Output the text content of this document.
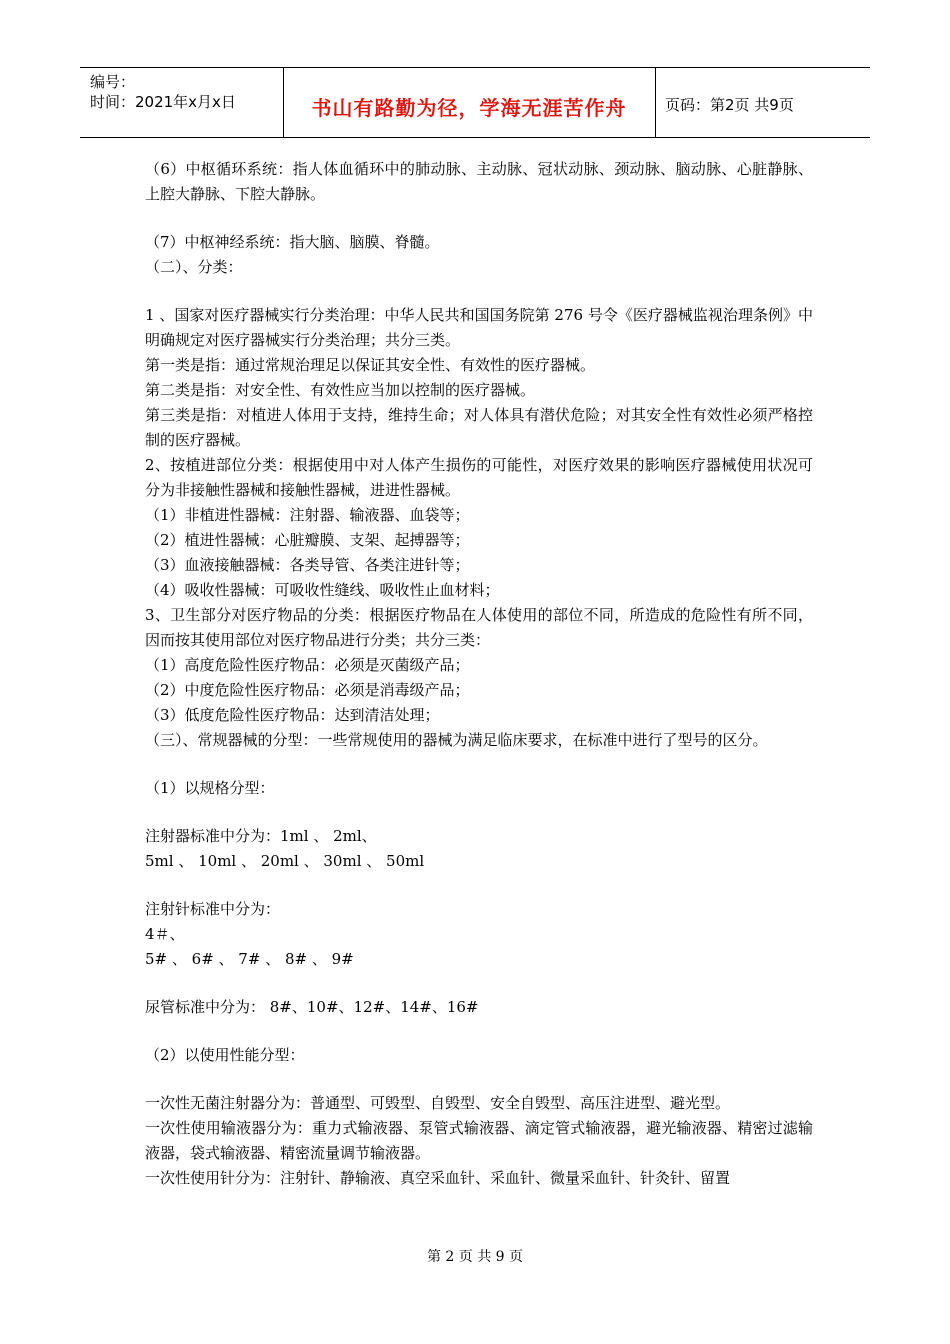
编号：
时间：2021年x月x日	书山有路勤为径，学海无涯苦作舟	页码：第2页 共9页

（6）中枢循环系统：指人体血循环中的肺动脉、主动脉、冠状动脉、颈动脉、脑动脉、心脏静脉、上腔大静脉、下腔大静脉。

（7）中枢神经系统：指大脑、脑膜、脊髓。

（二）、分类：

1 、国家对医疗器械实行分类治理：中华人民共和国国务院第 276 号令《医疗器械监视治理条例》中明确规定对医疗器械实行分类治理；共分三类。

第一类是指：通过常规治理足以保证其安全性、有效性的医疗器械。

第二类是指：对安全性、有效性应当加以控制的医疗器械。

第三类是指：对植进人体用于支持，维持生命；对人体具有潜伏危险；对其安全性有效性必须严格控制的医疗器械。

2、按植进部位分类：根据使用中对人体产生损伤的可能性，对医疗效果的影响医疗器械使用状况可分为非接触性器械和接触性器械，进进性器械。

（1）非植进性器械：注射器、输液器、血袋等；

（2）植进性器械：心脏瓣膜、支架、起搏器等；

（3）血液接触器械：各类导管、各类注进针等；

（4）吸收性器械：可吸收性缝线、吸收性止血材料；

3、卫生部分对医疗物品的分类：根据医疗物品在人体使用的部位不同，所造成的危险性有所不同，因而按其使用部位对医疗物品进行分类；共分三类：

（1）高度危险性医疗物品：必须是灭菌级产品；

（2）中度危险性医疗物品：必须是消毒级产品；

（3）低度危险性医疗物品：达到清洁处理；

（三）、常规器械的分型：一些常规使用的器械为满足临床要求，在标准中进行了型号的区分。

（1）以规格分型：

注射器标准中分为：1ml 、 2ml、

5ml 、 10ml 、 20ml 、 30ml 、 50ml

注射针标准中分为：

4＃、

5# 、 6# 、 7# 、 8# 、 9#

尿管标准中分为： 8#、10#、12#、14#、16#

（2）以使用性能分型：

一次性无菌注射器分为：普通型、可毁型、自毁型、安全自毁型、高压注进型、避光型。

一次性使用输液器分为：重力式输液器、泵管式输液器、滴定管式输液器，避光输液器、精密过滤输液器，袋式输液器、精密流量调节输液器。

一次性使用针分为：注射针、静输液、真空采血针、采血针、微量采血针、针灸针、留置

第 2 页 共 9 页
